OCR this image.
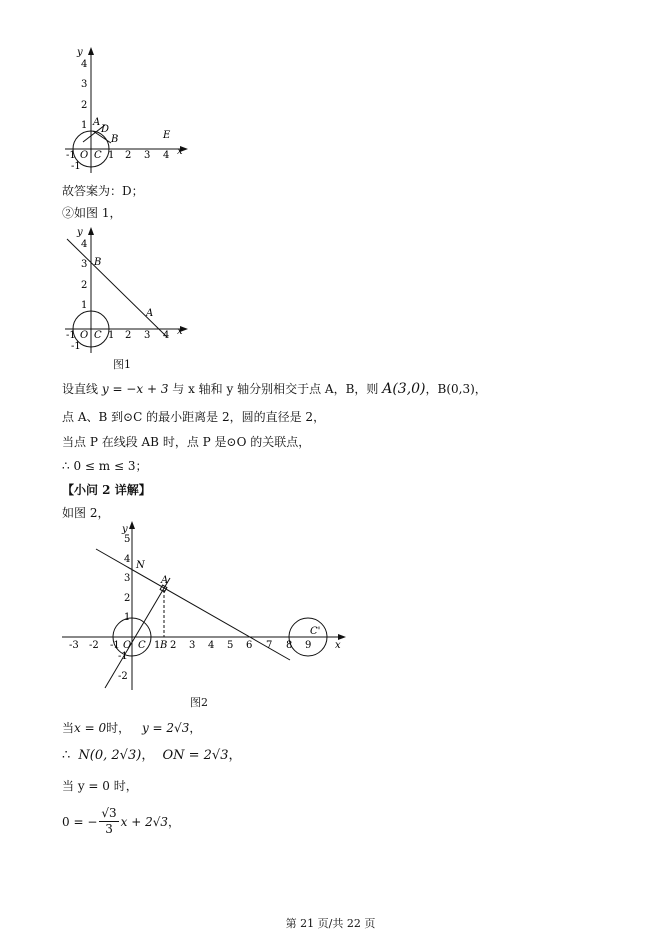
y
4
3
2
1
-1 O C 1 2 3 4 x
A
D
B	E
-1
故答案为：D；
②如图 1，
y
4
3
2
1
B
A
-1 O C 1 2 3 4 x
-1
图1
设直线 y = −x + 3 与 x 轴和 y 轴分别相交于点 A，B，则 A(3,0)，B(0,3)，
点 A、B 到⊙C 的最小距离是 2，圆的直径是 2，
当点 P 在线段 AB 时，点 P 是⊙O 的关联点，
∴ 0 ≤ m ≤ 3；
【小问 2 详解】
如图 2，
y
5
4
3
2
1
-1
-2
N
A
-3 -2 -1 O C 1 B 2 3 4 5 6 7 8 9
C'
x
图2
当x = 0时， y = 2√3，
∴ N(0, 2√3)， ON = 2√3，
当 y = 0 时，
0 = − $\frac{√3}{3}$ x + 2√3 ，
第 21 页/共 22 页
